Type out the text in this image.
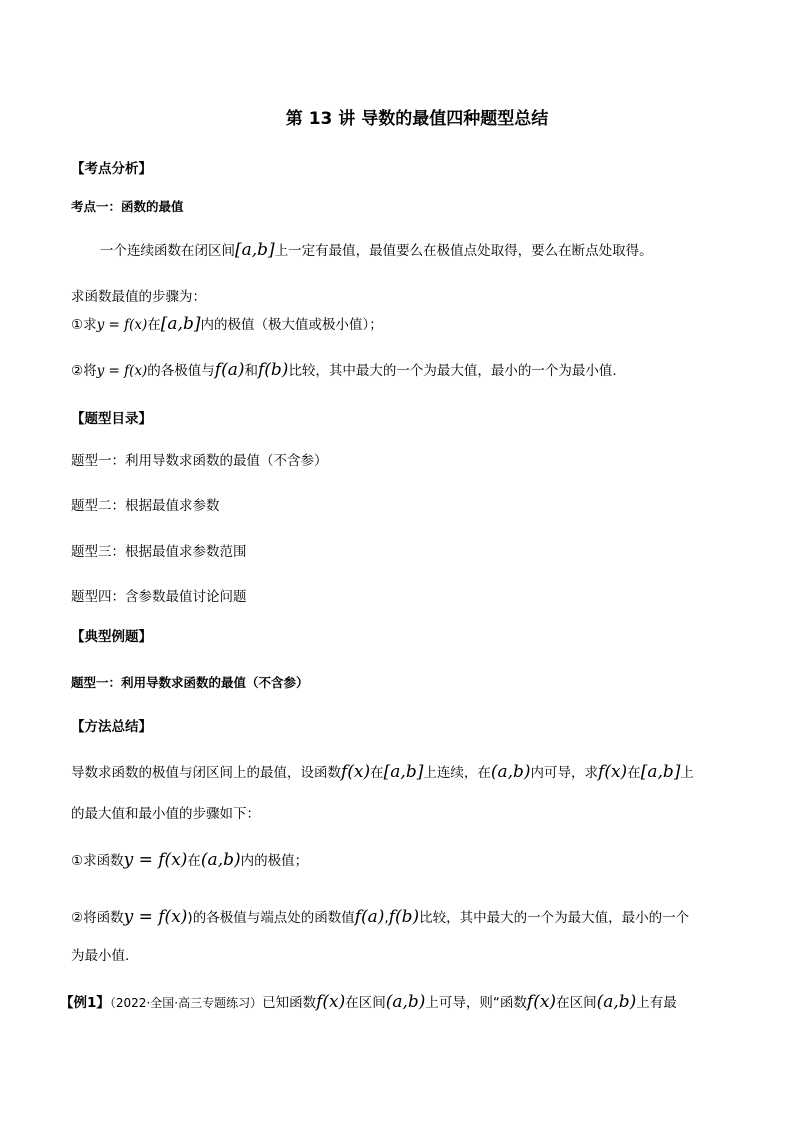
第 13 讲 导数的最值四种题型总结
【考点分析】
考点一：函数的最值
一个连续函数在闭区间[a,b]上一定有最值，最值要么在极值点处取得，要么在断点处取得。
求函数最值的步骤为：
①求y = f(x)在[a,b]内的极值（极大值或极小值）；
②将y = f(x)的各极值与f(a)和f(b)比较，其中最大的一个为最大值，最小的一个为最小值.
【题型目录】
题型一：利用导数求函数的最值（不含参）
题型二：根据最值求参数
题型三：根据最值求参数范围
题型四：含参数最值讨论问题
【典型例题】
题型一：利用导数求函数的最值（不含参）
【方法总结】
导数求函数的极值与闭区间上的最值，设函数f(x)在[a,b]上连续，在(a,b)内可导，求f(x)在[a,b]上
的最大值和最小值的步骤如下：
①求函数y = f(x)在(a,b)内的极值；
②将函数y = f(x))的各极值与端点处的函数值f(a),f(b)比较，其中最大的一个为最大值，最小的一个
为最小值.
【例1】（2022·全国·高三专题练习）已知函数f(x)在区间(a,b)上可导，则“函数f(x)在区间(a,b)上有最
